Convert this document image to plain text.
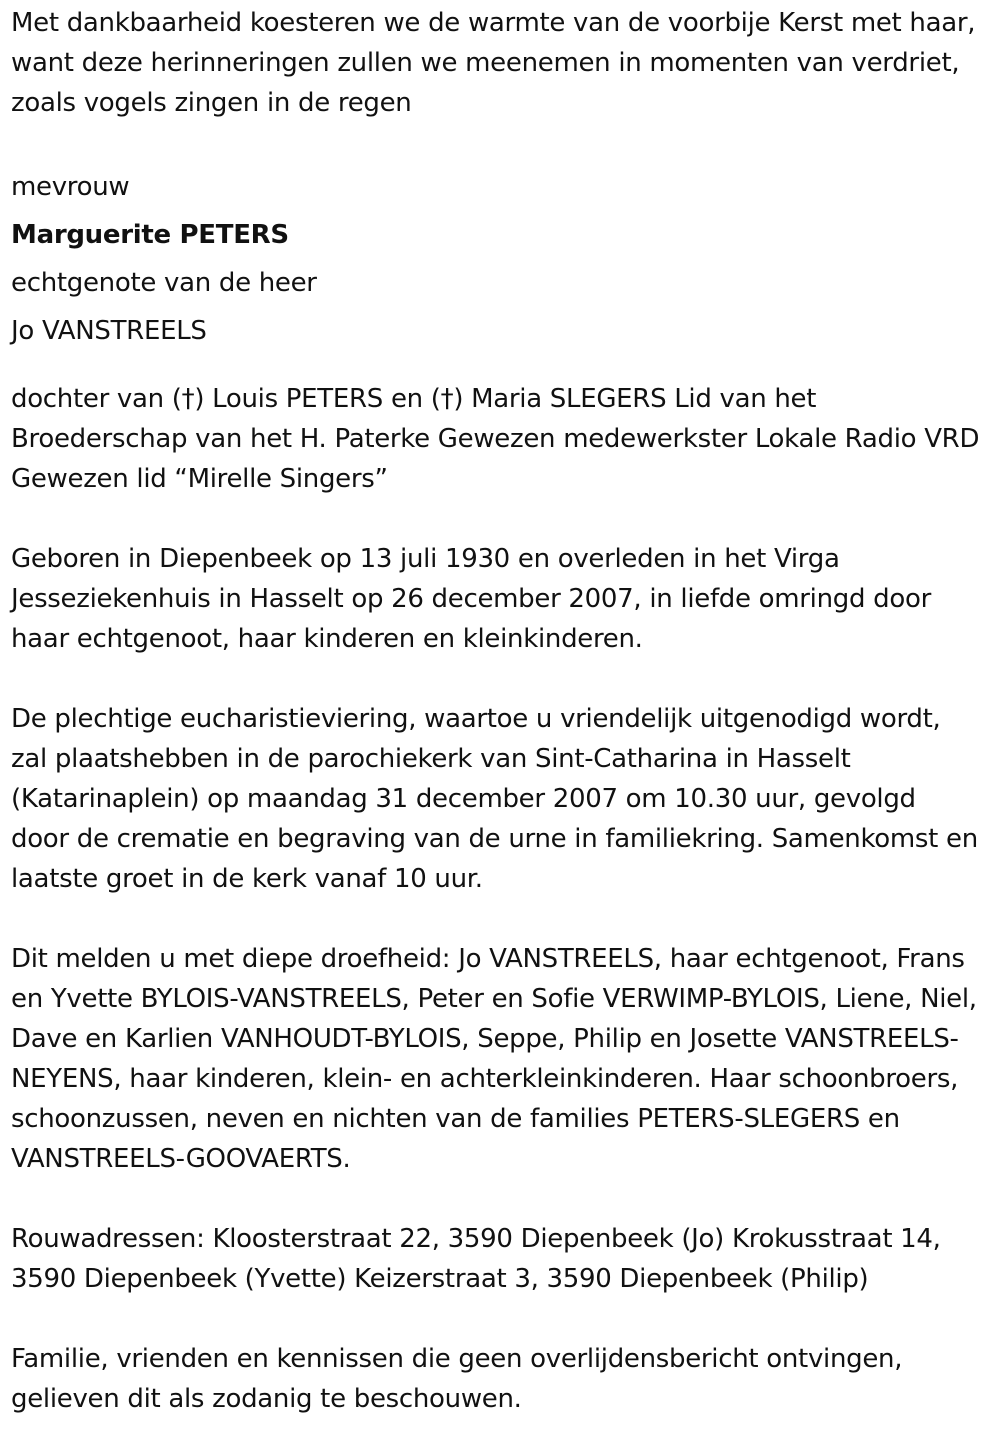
Met dankbaarheid koesteren we de warmte van de voorbije Kerst met haar, want deze herinneringen zullen we meenemen in momenten van verdriet, zoals vogels zingen in de regen

mevrouw

Marguerite PETERS

echtgenote van de heer

Jo VANSTREELS

dochter van (†) Louis PETERS en (†) Maria SLEGERS Lid van het Broederschap van het H. Paterke Gewezen medewerkster Lokale Radio VRD Gewezen lid “Mirelle Singers”

Geboren in Diepenbeek op 13 juli 1930 en overleden in het Virga Jesseziekenhuis in Hasselt op 26 december 2007, in liefde omringd door haar echtgenoot, haar kinderen en kleinkinderen.

De plechtige eucharistieviering, waartoe u vriendelijk uitgenodigd wordt, zal plaatshebben in de parochiekerk van Sint-Catharina in Hasselt (Katarinaplein) op maandag 31 december 2007 om 10.30 uur, gevolgd door de crematie en begraving van de urne in familiekring. Samenkomst en laatste groet in de kerk vanaf 10 uur.

Dit melden u met diepe droefheid: Jo VANSTREELS, haar echtgenoot, Frans en Yvette BYLOIS-VANSTREELS, Peter en Sofie VERWIMP-BYLOIS, Liene, Niel, Dave en Karlien VANHOUDT-BYLOIS, Seppe, Philip en Josette VANSTREELS-NEYENS, haar kinderen, klein- en achterkleinkinderen. Haar schoonbroers, schoonzussen, neven en nichten van de families PETERS-SLEGERS en VANSTREELS-GOOVAERTS.

Rouwadressen: Kloosterstraat 22, 3590 Diepenbeek (Jo) Krokusstraat 14, 3590 Diepenbeek (Yvette) Keizerstraat 3, 3590 Diepenbeek (Philip)

Familie, vrienden en kennissen die geen overlijdensbericht ontvingen, gelieven dit als zodanig te beschouwen.
